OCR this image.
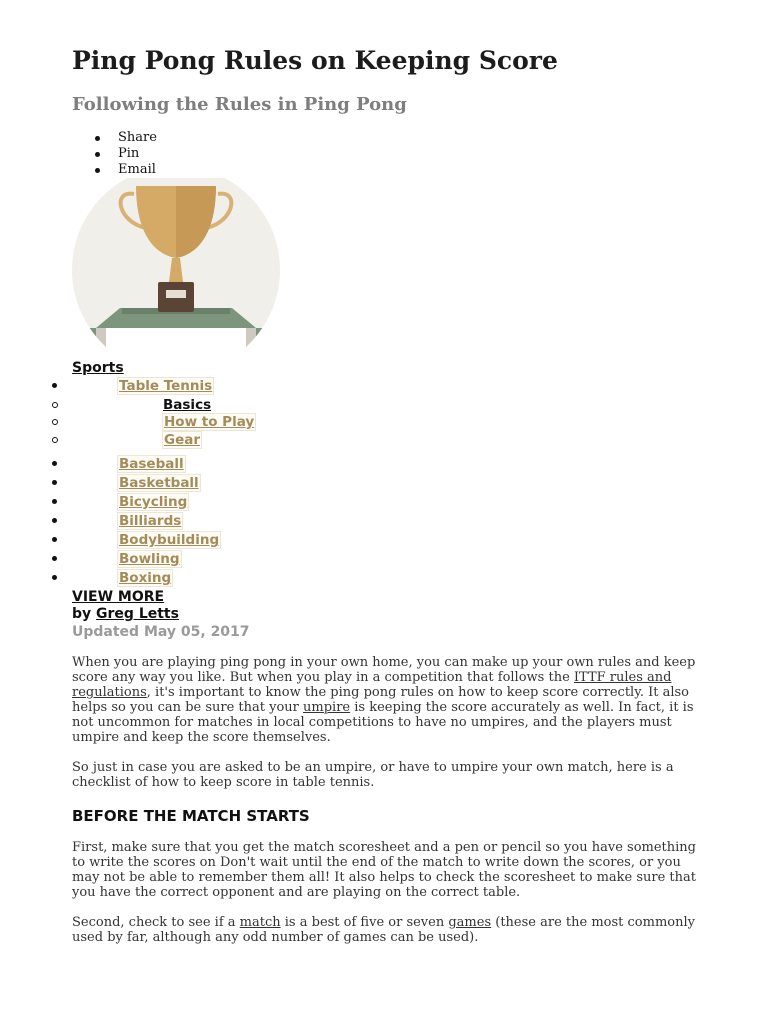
Ping Pong Rules on Keeping Score
Following the Rules in Ping Pong
Share
Pin
Email
Sports
Table Tennis
Basics
How to Play
Gear
Baseball
Basketball
Bicycling
Billiards
Bodybuilding
Bowling
Boxing
VIEW MORE
by Greg Letts
Updated May 05, 2017

When you are playing ping pong in your own home, you can make up your own rules and keep score any way you like. But when you play in a competition that follows the ITTF rules and regulations, it's important to know the ping pong rules on how to keep score correctly. It also helps so you can be sure that your umpire is keeping the score accurately as well. In fact, it is not uncommon for matches in local competitions to have no umpires, and the players must umpire and keep the score themselves.

So just in case you are asked to be an umpire, or have to umpire your own match, here is a checklist of how to keep score in table tennis.

BEFORE THE MATCH STARTS

First, make sure that you get the match scoresheet and a pen or pencil so you have something to write the scores on Don't wait until the end of the match to write down the scores, or you may not be able to remember them all! It also helps to check the scoresheet to make sure that you have the correct opponent and are playing on the correct table.

Second, check to see if a match is a best of five or seven games (these are the most commonly used by far, although any odd number of games can be used).
